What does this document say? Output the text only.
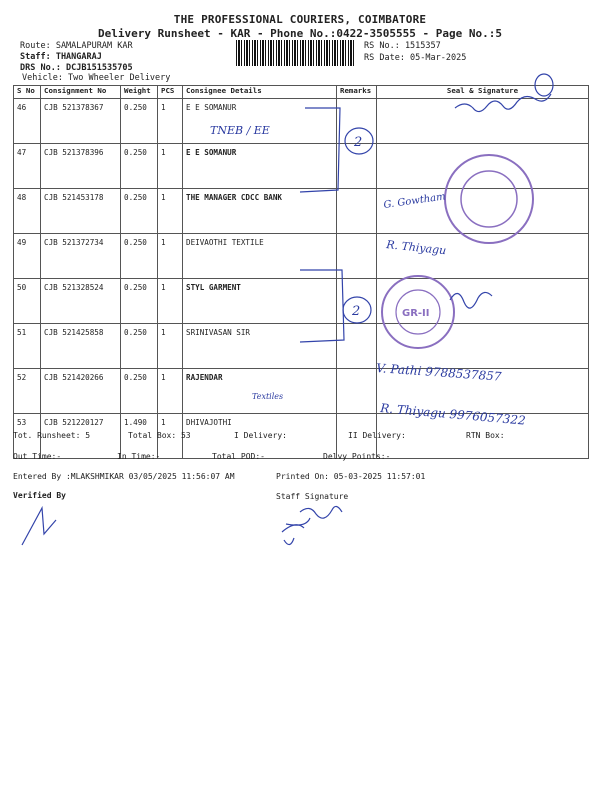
THE PROFESSIONAL COURIERS, COIMBATORE
Delivery Runsheet - KAR - Phone No.:0422-3505555 - Page No.:5
Route: SAMALAPURAM KAR
Staff: THANGARAJ
DRS No.: DCJB151535705
Vehicle: Two Wheeler Delivery
RS No.: 1515357
RS Date: 05-Mar-2025
S No	Consignment No	Weight	PCS	Consignee Details	Remarks	Seal & Signature
46	CJB 521378367	0.250	1	E E SOMANUR		
47	CJB 521378396	0.250	1	E E SOMANUR		
48	CJB 521453178	0.250	1	THE MANAGER CDCC BANK		
49	CJB 521372734	0.250	1	DEIVAOTHI TEXTILE		
50	CJB 521328524	0.250	1	STYL GARMENT		
51	CJB 521425858	0.250	1	SRINIVASAN SIR		
52	CJB 521420266	0.250	1	RAJENDAR		
53	CJB 521220127	1.490	1	DHIVAJOTHI		
TNEB / EE
2
G. Gowtham
R. Thiyagu
2	GR-II
V. Pathi 9788537857
Textiles
R. Thiyagu 9976057322
Tot. Runsheet: 5	Total Box: 53	I Delivery:	II Delivery:	RTN Box:
Out Time:-	In Time:-	Total POD:-	Delvy Points:-
Entered By :MLAKSHMIKAR 03/05/2025 11:56:07 AM	Printed On: 05-03-2025 11:57:01
Verified By	Staff Signature
